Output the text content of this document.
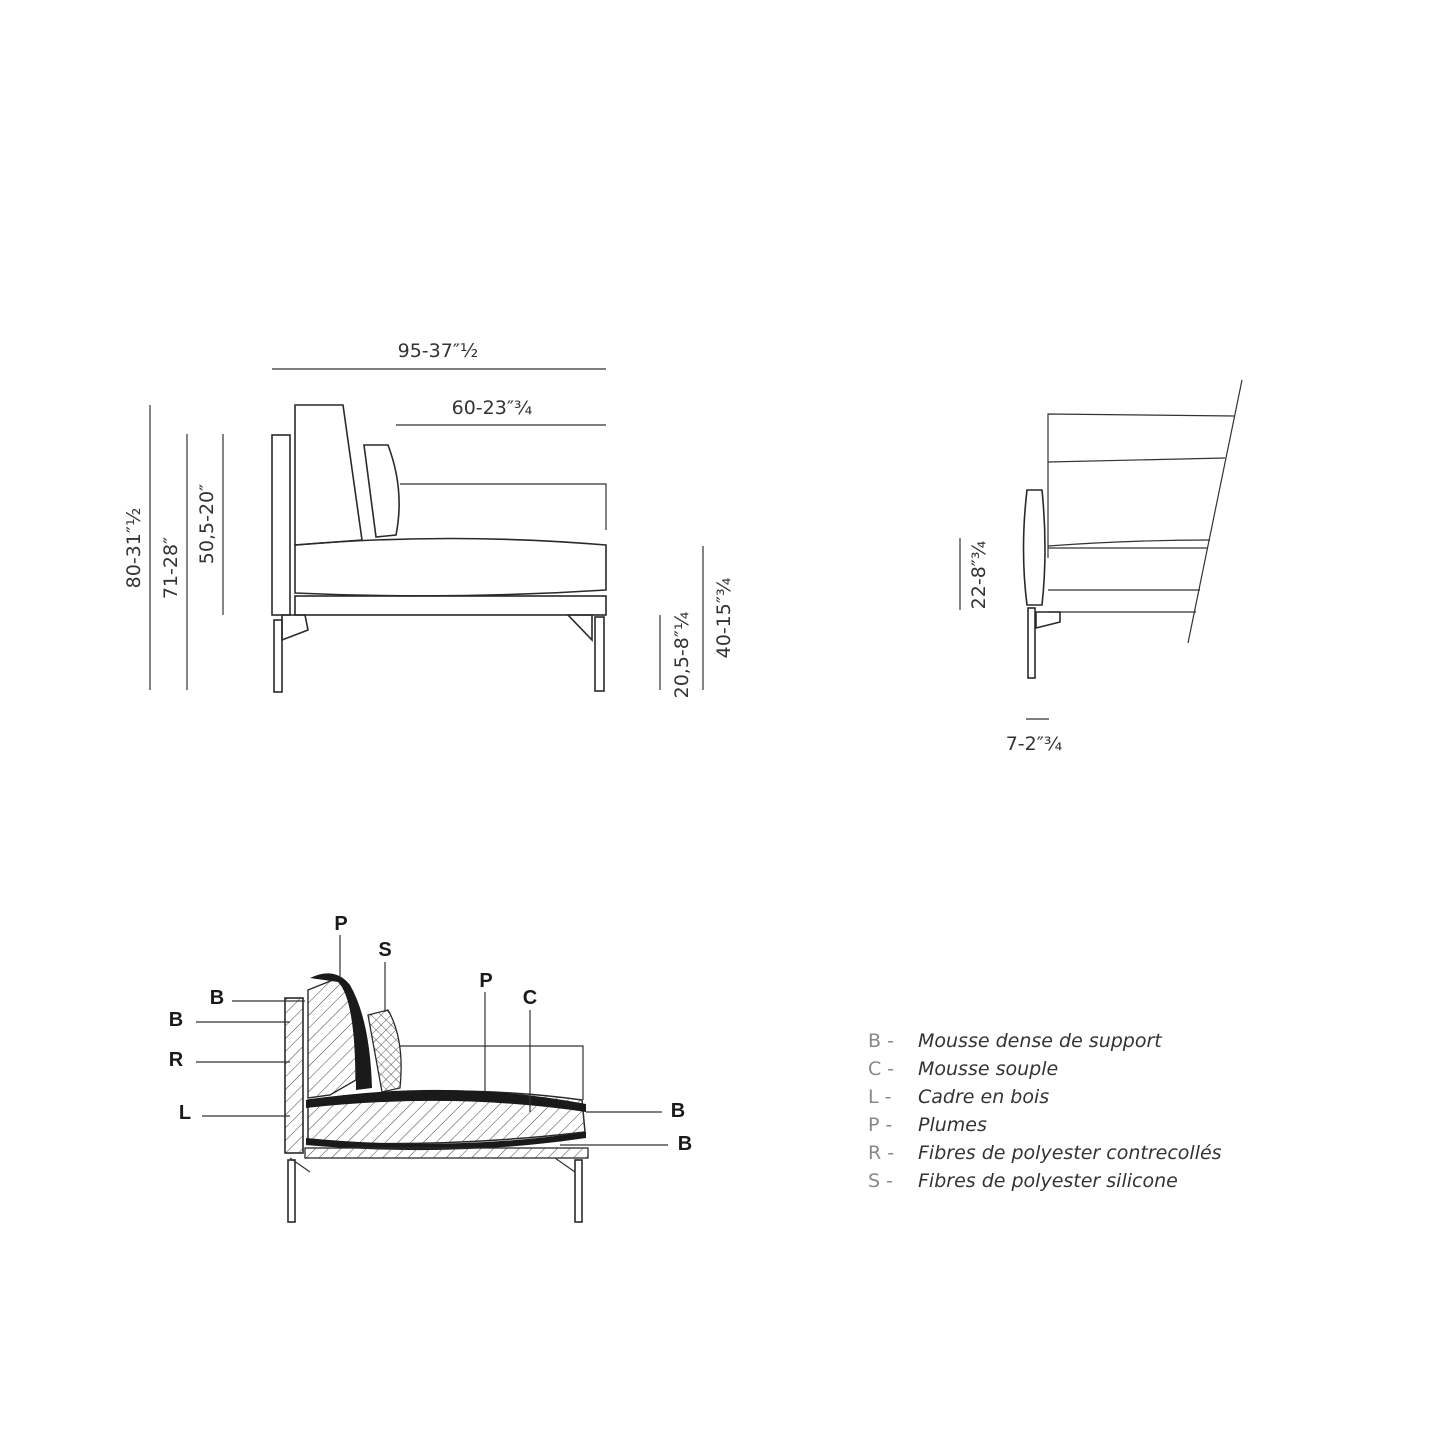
95-37″½
60-23″¾
80-31″½ 71-28″
50,5-20″
40-15″¾
20,5-8″¼
22-8″¾
7-2″¾
P
S
B
B
R
L
P
C
B
B
B -	Mousse dense de support
C -	Mousse souple
L -	Cadre en bois
P -	Plumes
R -	Fibres de polyester contrecollés
S -	Fibres de polyester silicone
